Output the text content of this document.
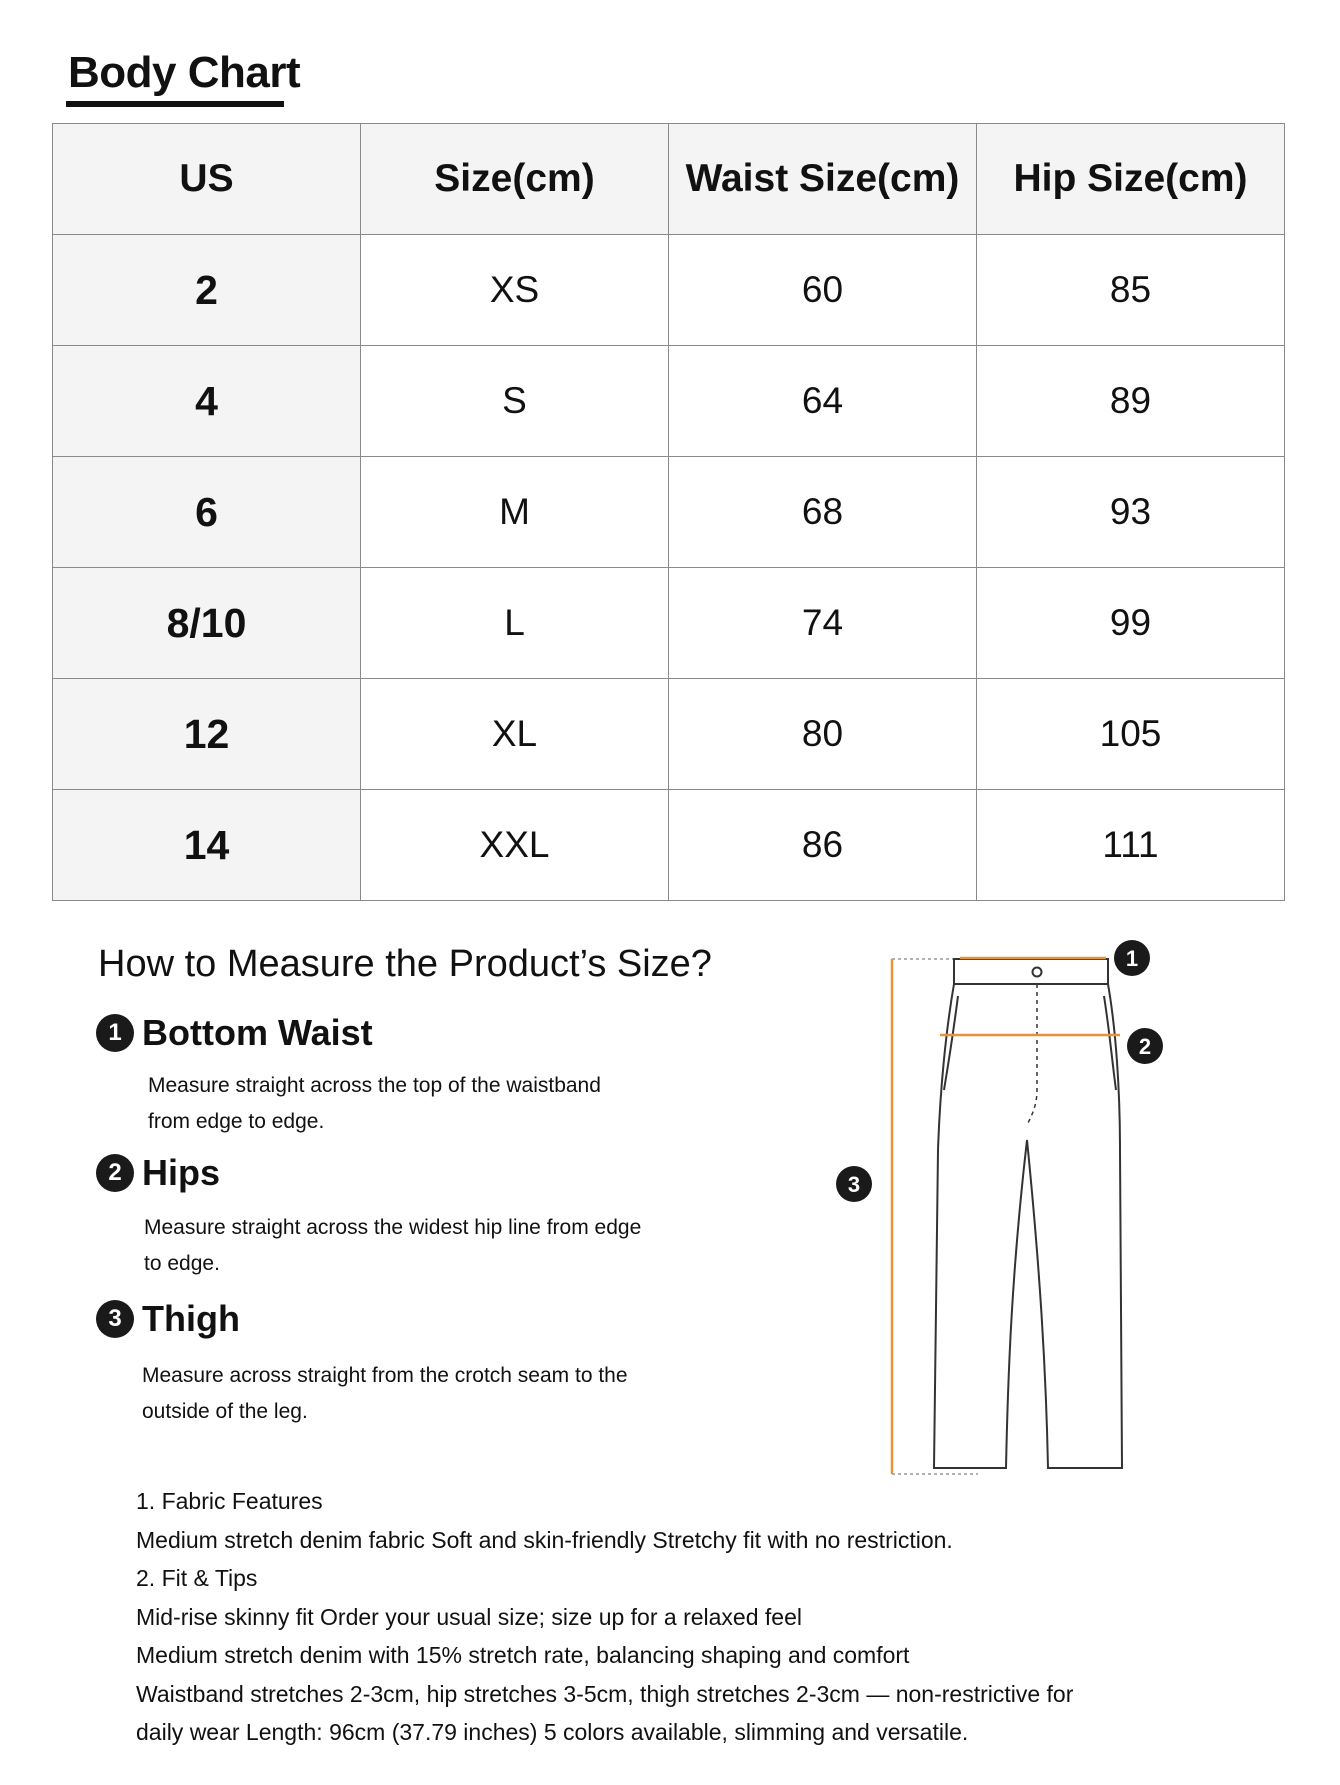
Body Chart
US	Size(cm)	Waist Size(cm)	Hip Size(cm)
2	XS	60	85
4	S	64	89
6	M	68	93
8/10	L	74	99
12	XL	80	105
14	XXL	86	111
How to Measure the Product’s Size?
1 Bottom Waist
Measure straight across the top of the waistband
from edge to edge.
2 Hips
Measure straight across the widest hip line from edge
to edge.
3 Thigh
Measure across straight from the crotch seam to the
outside of the leg.
1
2
3
1. Fabric Features
Medium stretch denim fabric Soft and skin-friendly Stretchy fit with no restriction.
2. Fit & Tips
Mid-rise skinny fit Order your usual size; size up for a relaxed feel
Medium stretch denim with 15% stretch rate, balancing shaping and comfort
Waistband stretches 2-3cm, hip stretches 3-5cm, thigh stretches 2-3cm — non-restrictive for
daily wear Length: 96cm (37.79 inches) 5 colors available, slimming and versatile.
